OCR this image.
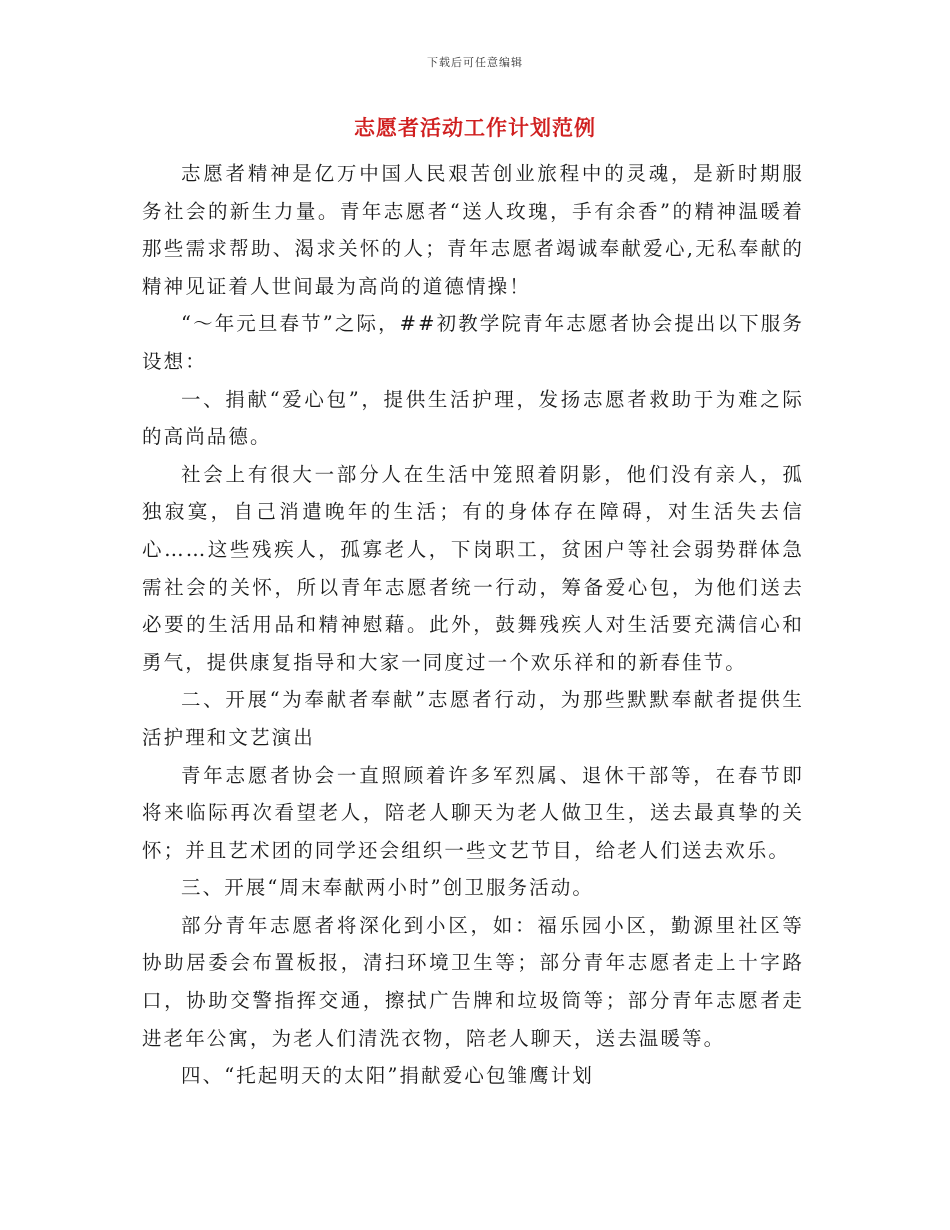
下载后可任意编辑
志愿者活动工作计划范例

志愿者精神是亿万中国人民艰苦创业旅程中的灵魂，是新时期服务社会的新生力量。青年志愿者“送人玫瑰，手有余香”的精神温暖着那些需求帮助、渴求关怀的人；青年志愿者竭诚奉献爱心,无私奉献的精神见证着人世间最为高尚的道德情操！

“～年元旦春节”之际，##初教学院青年志愿者协会提出以下服务设想：

一、捐献“爱心包”，提供生活护理，发扬志愿者救助于为难之际的高尚品德。

社会上有很大一部分人在生活中笼照着阴影，他们没有亲人，孤独寂寞，自己消遣晚年的生活；有的身体存在障碍，对生活失去信心……这些残疾人，孤寡老人，下岗职工，贫困户等社会弱势群体急需社会的关怀，所以青年志愿者统一行动，筹备爱心包，为他们送去必要的生活用品和精神慰藉。此外，鼓舞残疾人对生活要充满信心和勇气，提供康复指导和大家一同度过一个欢乐祥和的新春佳节。

二、开展“为奉献者奉献”志愿者行动，为那些默默奉献者提供生活护理和文艺演出

青年志愿者协会一直照顾着许多军烈属、退休干部等，在春节即将来临际再次看望老人，陪老人聊天为老人做卫生，送去最真挚的关怀；并且艺术团的同学还会组织一些文艺节目，给老人们送去欢乐。

三、开展“周末奉献两小时”创卫服务活动。

部分青年志愿者将深化到小区，如：福乐园小区，勤源里社区等协助居委会布置板报，清扫环境卫生等；部分青年志愿者走上十字路口，协助交警指挥交通，擦拭广告牌和垃圾筒等；部分青年志愿者走进老年公寓，为老人们清洗衣物，陪老人聊天，送去温暖等。

四、“托起明天的太阳”捐献爱心包雏鹰计划
